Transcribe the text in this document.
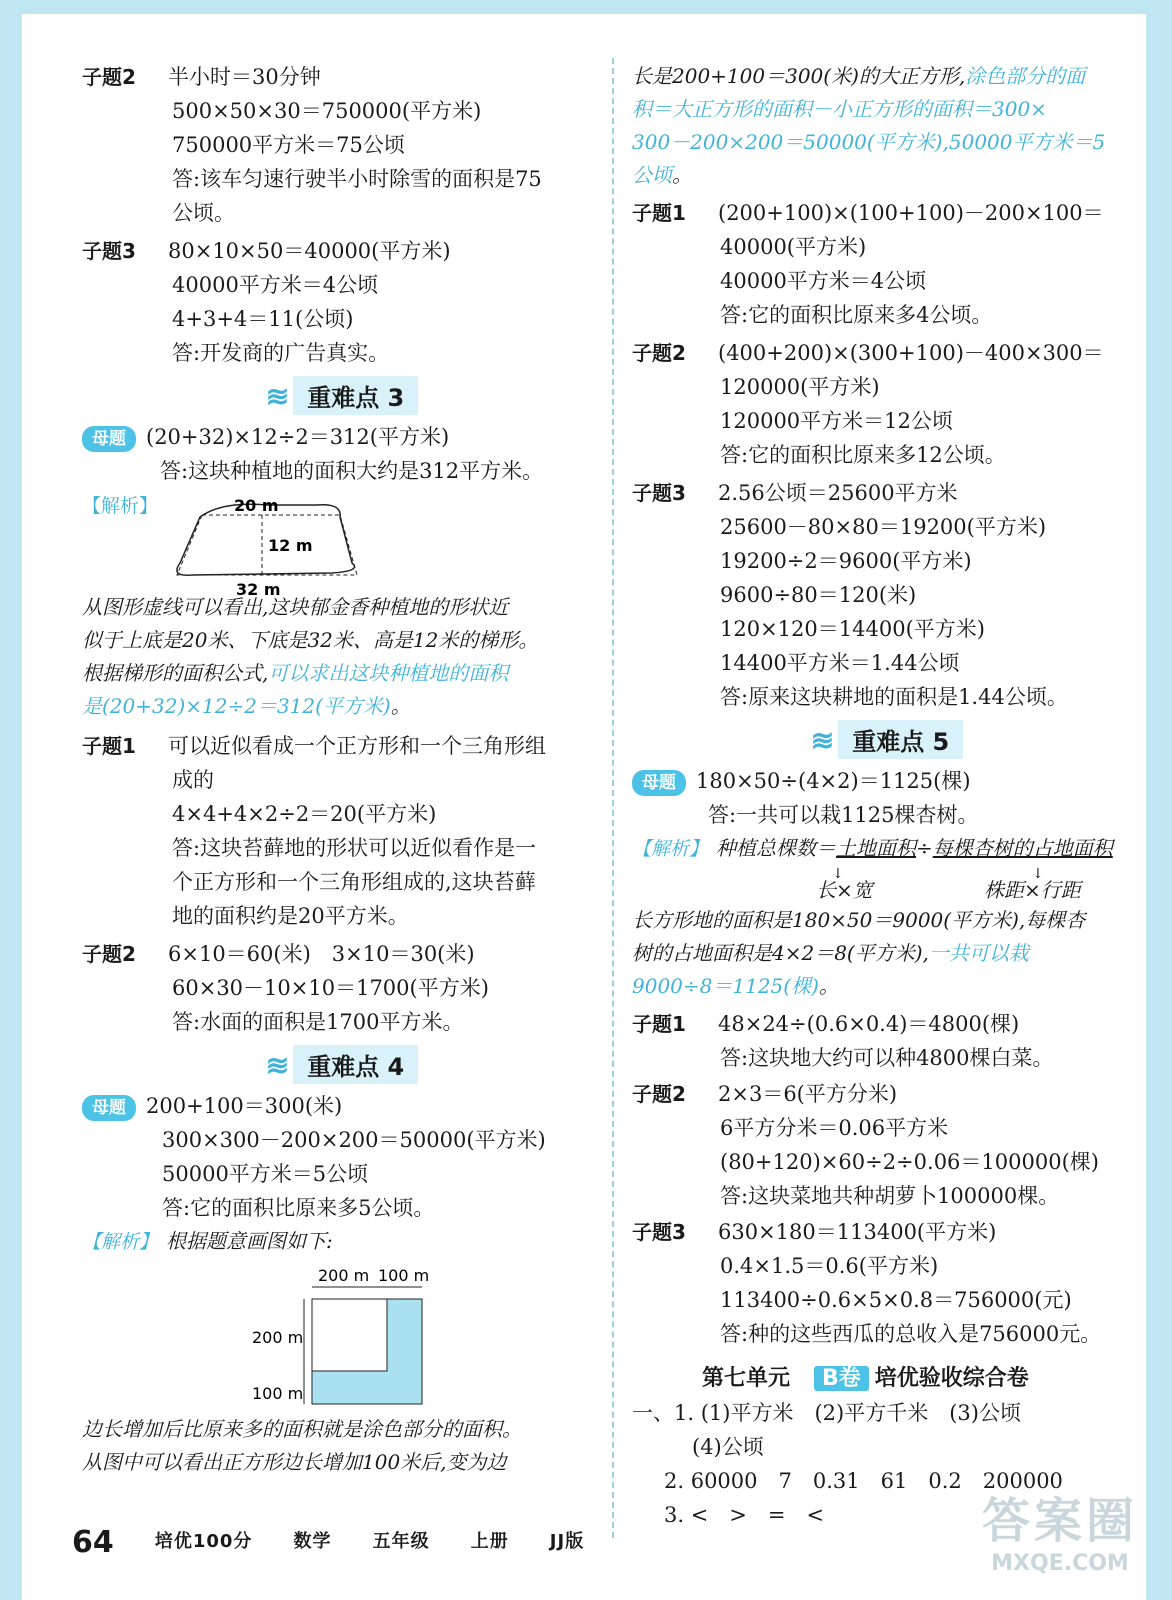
子题2 半小时＝30分钟
500×50×30＝750000(平方米)
750000平方米＝75公顷
答:该车匀速行驶半小时除雪的面积是75
公顷。
子题3 80×10×50＝40000(平方米)
40000平方米＝4公顷
4+3+4＝11(公顷)
答:开发商的广告真实。
≋ 重难点 3
母题 (20+32)×12÷2＝312(平方米)
答:这块种植地的面积大约是312平方米。
【解析】	20 m
12 m
32 m
从图形虚线可以看出,这块郁金香种植地的形状近
似于上底是20米、下底是32米、高是12米的梯形。
根据梯形的面积公式,可以求出这块种植地的面积
是(20+32)×12÷2＝312(平方米)。
子题1 可以近似看成一个正方形和一个三角形组
成的
4×4+4×2÷2＝20(平方米)
答:这块苔藓地的形状可以近似看作是一
个正方形和一个三角形组成的,这块苔藓
地的面积约是20平方米。
子题2 6×10＝60(米)　3×10＝30(米)
60×30－10×10＝1700(平方米)
答:水面的面积是1700平方米。
≋ 重难点 4
母题 200+100＝300(米)
300×300－200×200＝50000(平方米)
50000平方米＝5公顷
答:它的面积比原来多5公顷。
【解析】 根据题意画图如下:
200 m 100 m
200 m
100 m
边长增加后比原来多的面积就是涂色部分的面积。
从图中可以看出正方形边长增加100米后,变为边
长是200+100＝300(米)的大正方形,涂色部分的面
积＝大正方形的面积－小正方形的面积＝300×
300－200×200＝50000(平方米),50000平方米＝5
公顷。
子题1 (200+100)×(100+100)－200×100＝
40000(平方米)
40000平方米＝4公顷
答:它的面积比原来多4公顷。
子题2 (400+200)×(300+100)－400×300＝
120000(平方米)
120000平方米＝12公顷
答:它的面积比原来多12公顷。
子题3 2.56公顷＝25600平方米
25600－80×80＝19200(平方米)
19200÷2＝9600(平方米)
9600÷80＝120(米)
120×120＝14400(平方米)
14400平方米＝1.44公顷
答:原来这块耕地的面积是1.44公顷。
≋ 重难点 5
母题 180×50÷(4×2)＝1125(棵)
答:一共可以栽1125棵杏树。
【解析】 种植总棵数＝土地面积÷每棵杏树的占地面积
↓	↓
长×宽	株距×行距
长方形地的面积是180×50＝9000(平方米),每棵杏
树的占地面积是4×2＝8(平方米),一共可以栽
9000÷8＝1125(棵)。
子题1 48×24÷(0.6×0.4)＝4800(棵)
答:这块地大约可以种4800棵白菜。
子题2 2×3＝6(平方分米)
6平方分米＝0.06平方米
(80+120)×60÷2÷0.06＝100000(棵)
答:这块菜地共种胡萝卜100000棵。
子题3 630×180＝113400(平方米)
0.4×1.5＝0.6(平方米)
113400÷0.6×5×0.8＝756000(元)
答:种的这些西瓜的总收入是756000元。
第七单元 B卷 培优验收综合卷
一、1. (1)平方米　(2)平方千米　(3)公顷
(4)公顷
2. 60000　7　0.31　61　0.2　200000
3. <　>　=　<
64 培优100分 数学 五年级 上册 JJ版	答案圈
MXQE.COM
